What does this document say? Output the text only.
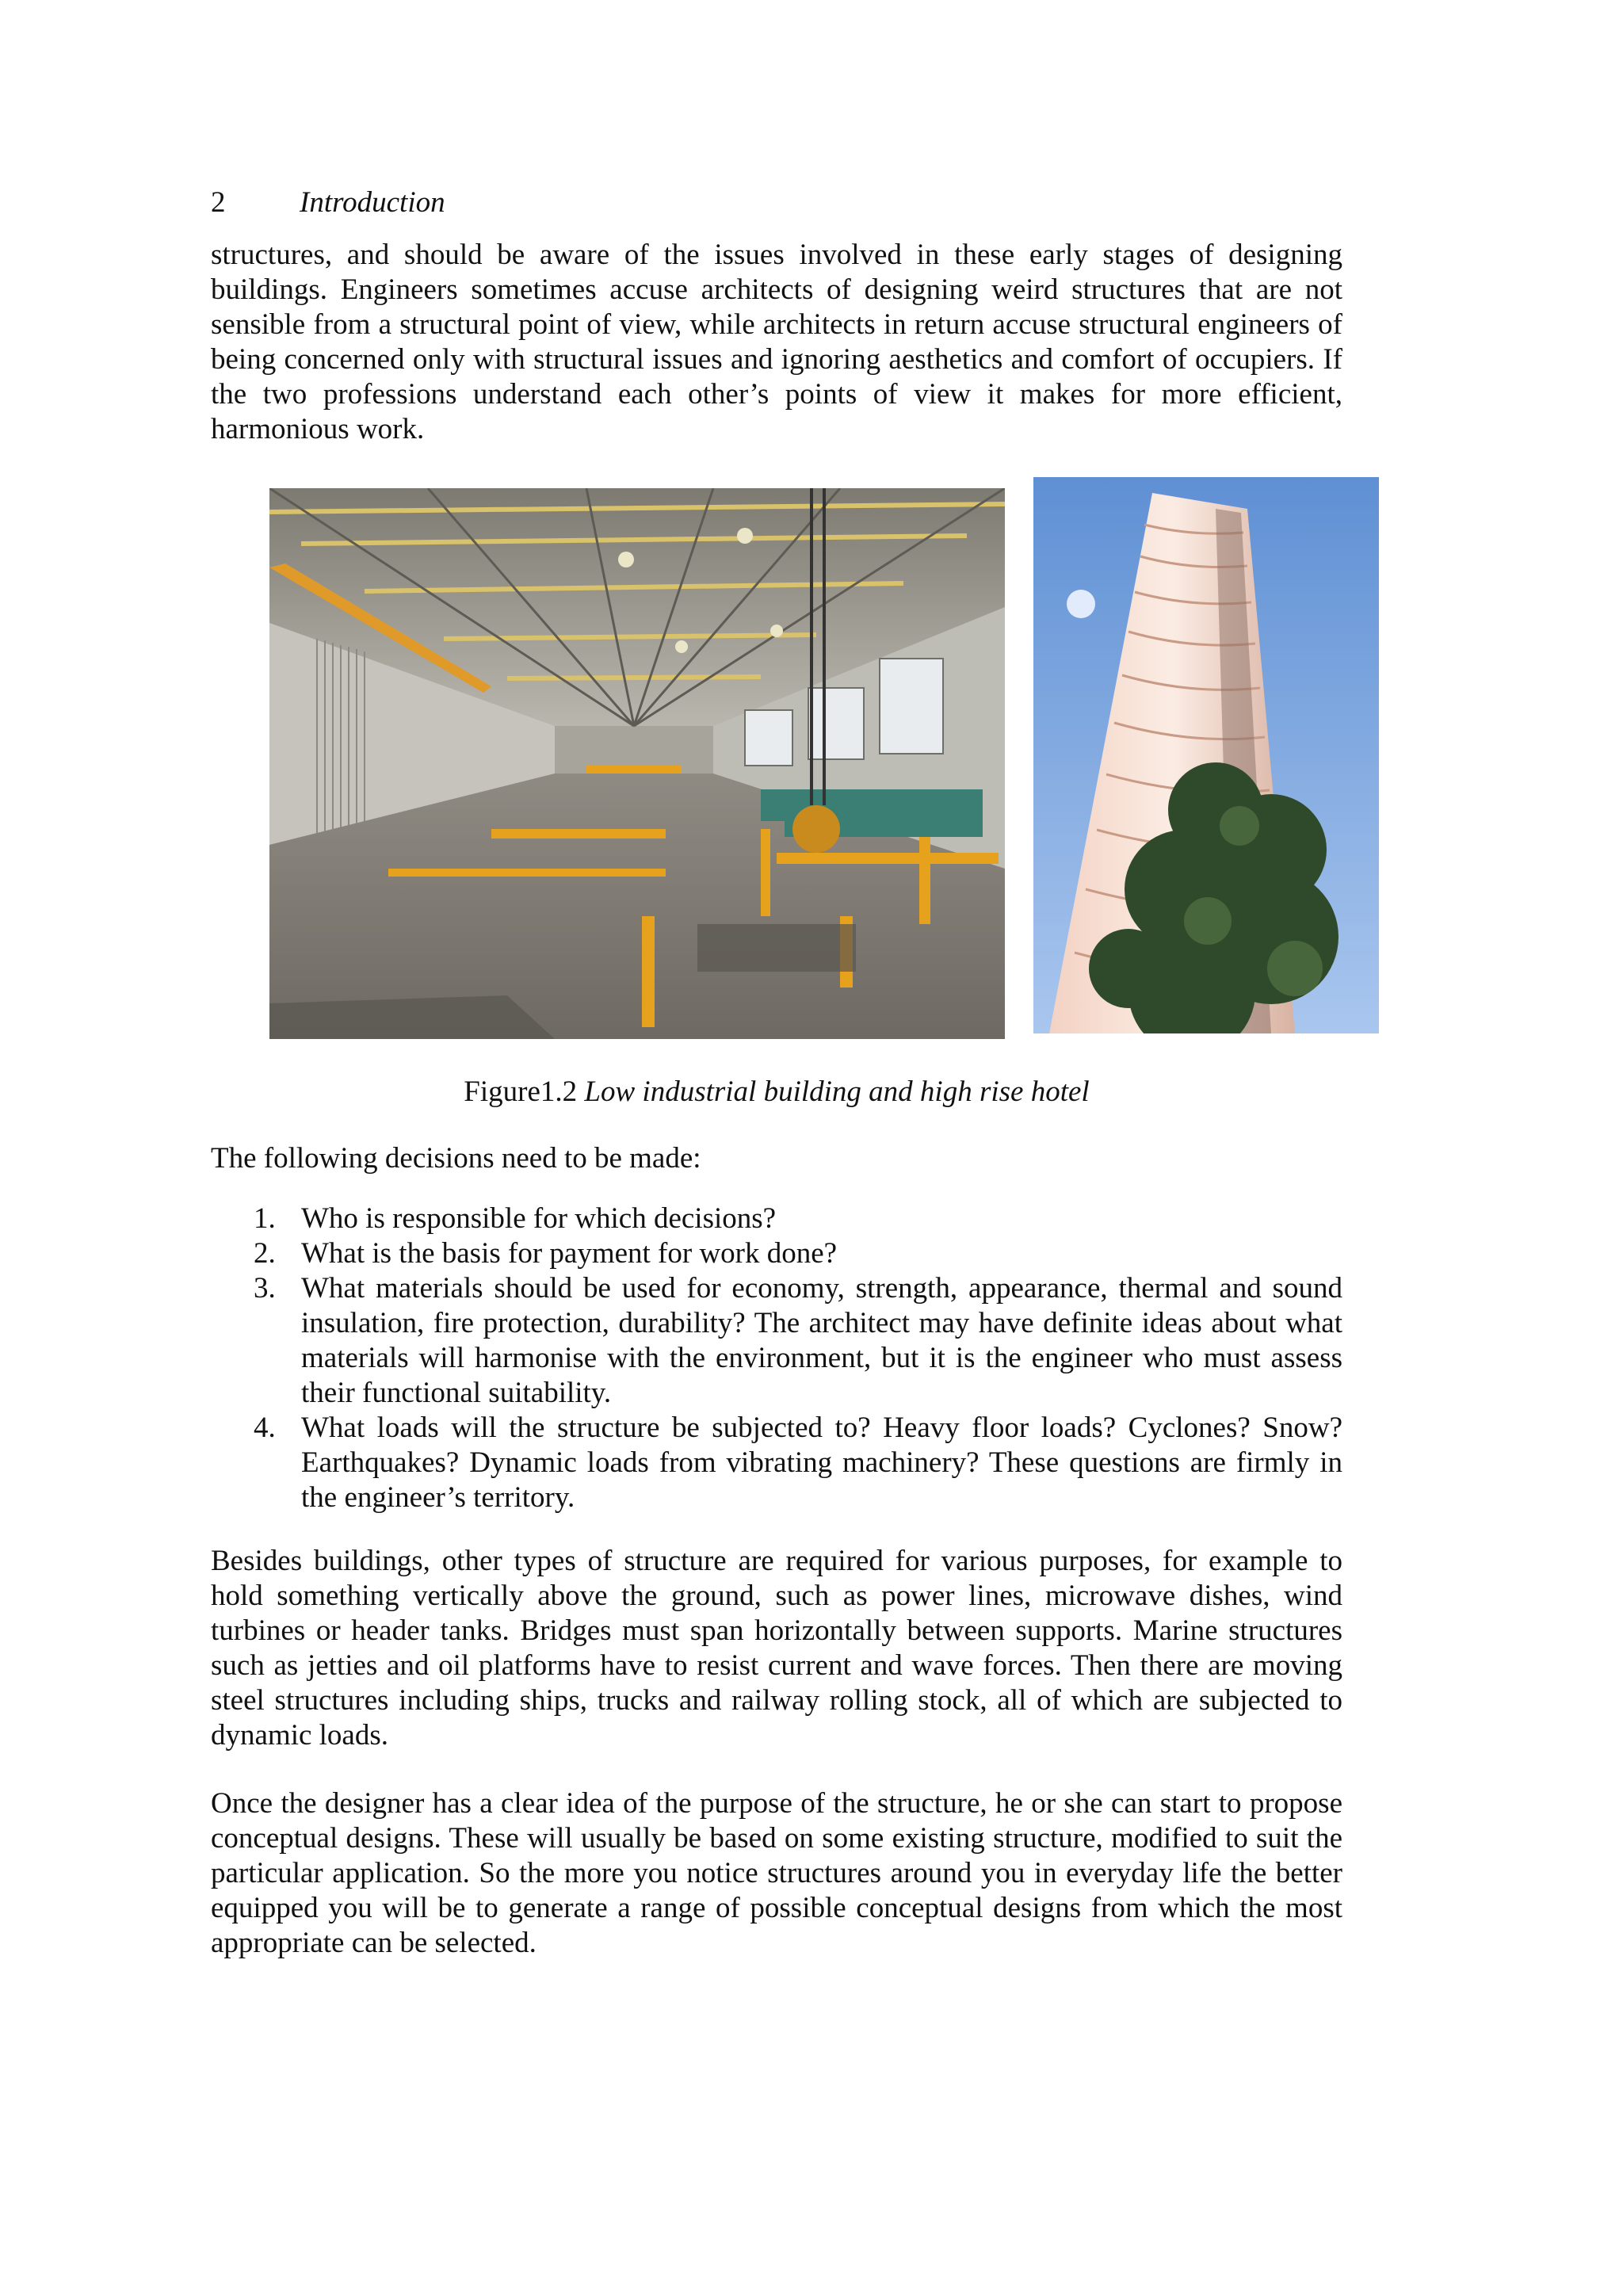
2	Introduction

structures, and should be aware of the issues involved in these early stages of designing buildings. Engineers sometimes accuse architects of designing weird structures that are not sensible from a structural point of view, while architects in return accuse structural engineers of being concerned only with structural issues and ignoring aesthetics and comfort of occupiers. If the two professions understand each other’s points of view it makes for more efficient, harmonious work.

Figure1.2 Low industrial building and high rise hotel

The following decisions need to be made:

1. Who is responsible for which decisions?
2. What is the basis for payment for work done?
3. What materials should be used for economy, strength, appearance, thermal and sound insulation, fire protection, durability? The architect may have definite ideas about what materials will harmonise with the environment, but it is the engineer who must assess their functional suitability.
4. What loads will the structure be subjected to? Heavy floor loads? Cyclones? Snow? Earthquakes? Dynamic loads from vibrating machinery? These questions are firmly in the engineer’s territory.

Besides buildings, other types of structure are required for various purposes, for example to hold something vertically above the ground, such as power lines, microwave dishes, wind turbines or header tanks. Bridges must span horizontally between supports. Marine structures such as jetties and oil platforms have to resist current and wave forces. Then there are moving steel structures including ships, trucks and railway rolling stock, all of which are subjected to dynamic loads.

Once the designer has a clear idea of the purpose of the structure, he or she can start to propose conceptual designs. These will usually be based on some existing structure, modified to suit the particular application. So the more you notice structures around you in everyday life the better equipped you will be to generate a range of possible conceptual designs from which the most appropriate can be selected.
